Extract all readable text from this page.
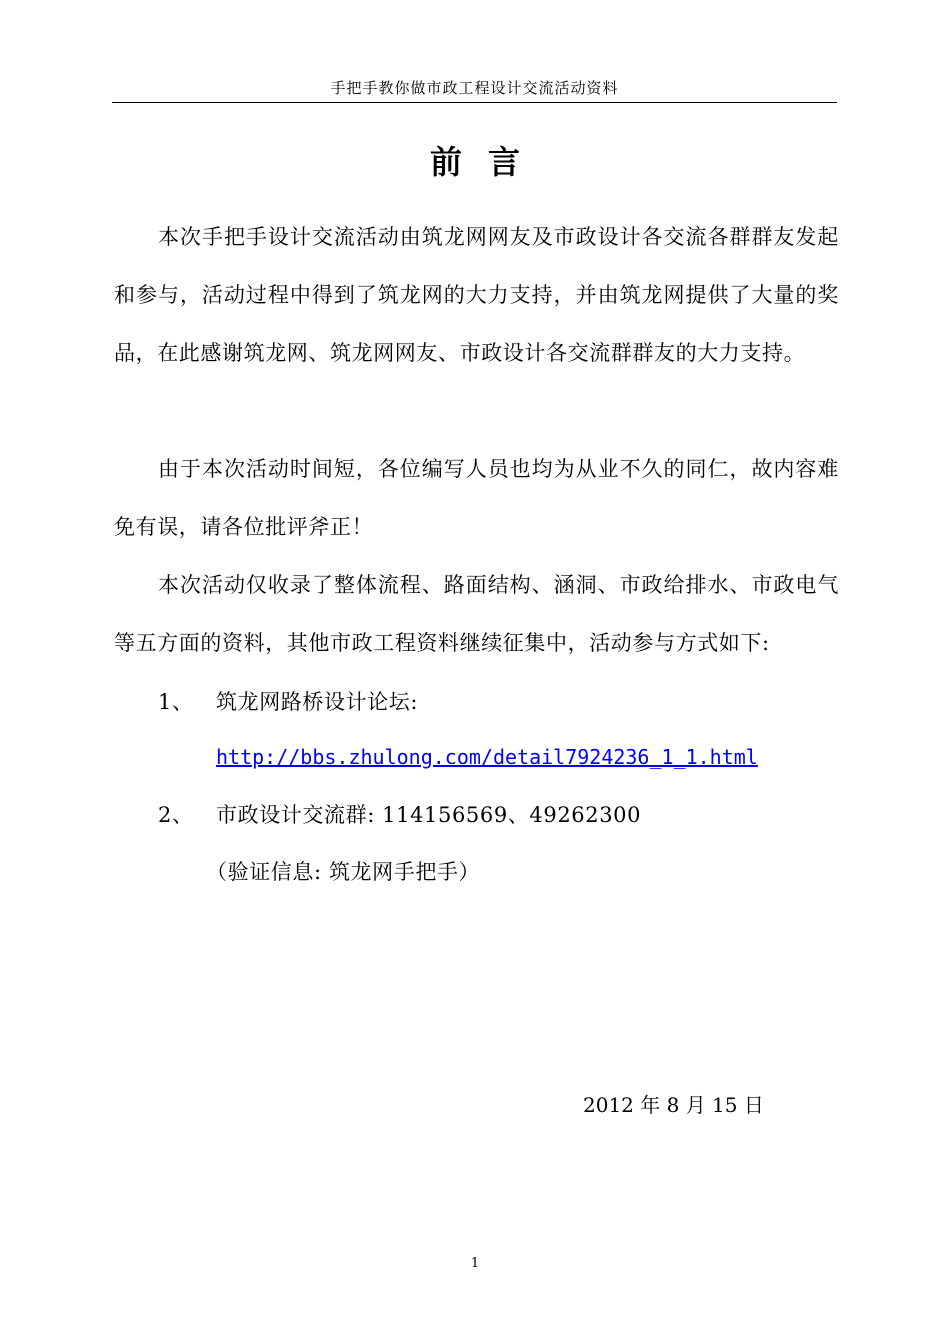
手把手教你做市政工程设计交流活动资料
前言

本次手把手设计交流活动由筑龙网网友及市政设计各交流各群群友发起和参与，活动过程中得到了筑龙网的大力支持，并由筑龙网提供了大量的奖品，在此感谢筑龙网、筑龙网网友、市政设计各交流群群友的大力支持。

由于本次活动时间短，各位编写人员也均为从业不久的同仁，故内容难免有误，请各位批评斧正！

本次活动仅收录了整体流程、路面结构、涵洞、市政给排水、市政电气等五方面的资料，其他市政工程资料继续征集中，活动参与方式如下:

1、 筑龙网路桥设计论坛:
http://bbs.zhulong.com/detail7924236_1_1.html
2、 市政设计交流群: 114156569、49262300
（验证信息: 筑龙网手把手）
2012 年 8 月 15 日
1
